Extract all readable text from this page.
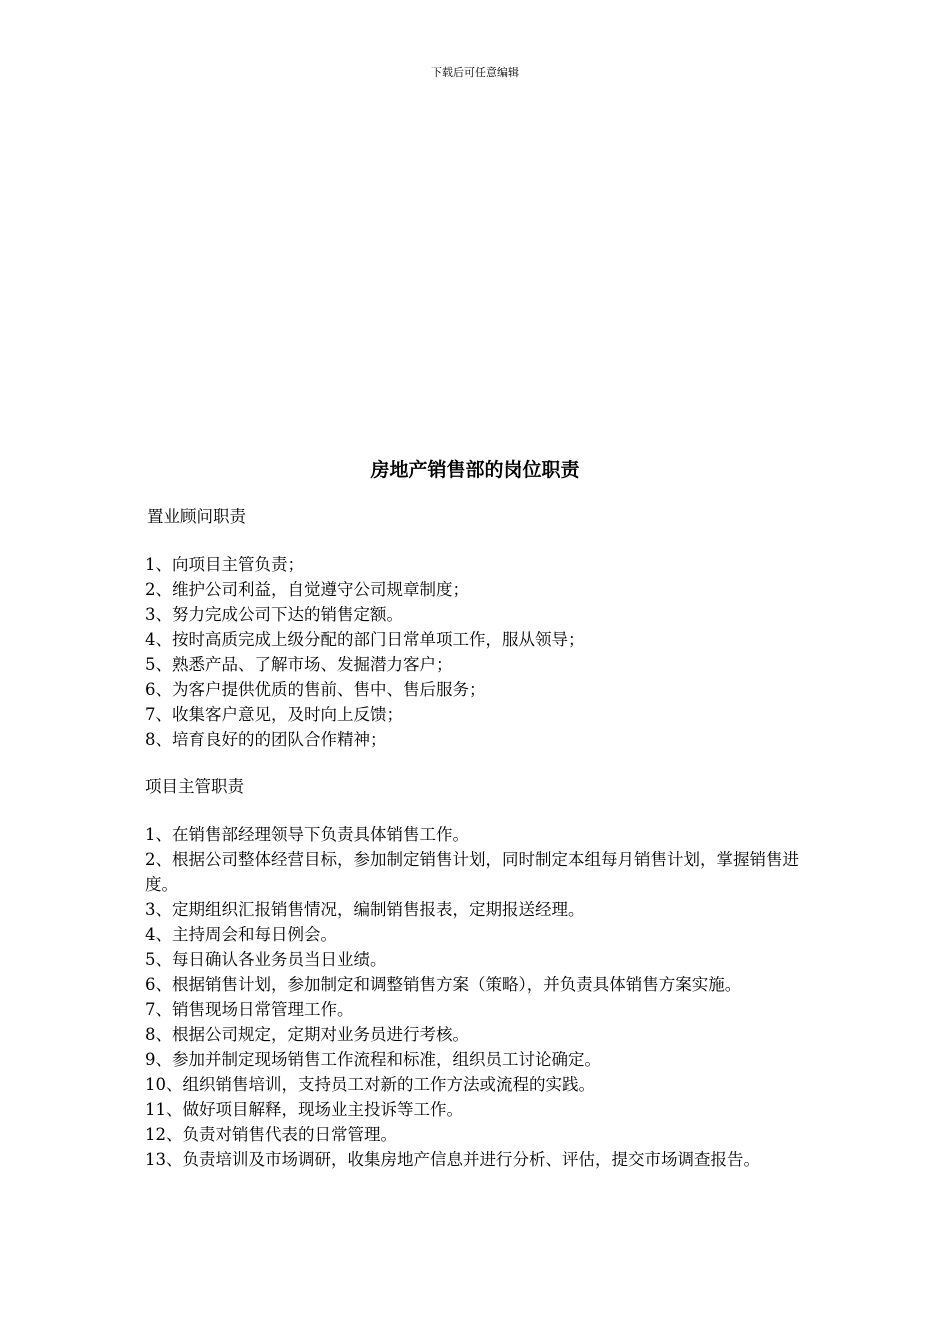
下载后可任意编辑
房地产销售部的岗位职责
置业顾问职责

1、向项目主管负责；

2、维护公司利益，自觉遵守公司规章制度；

3、努力完成公司下达的销售定额。

4、按时高质完成上级分配的部门日常单项工作，服从领导；

5、熟悉产品、了解市场、发掘潜力客户；

6、为客户提供优质的售前、售中、售后服务；

7、收集客户意见，及时向上反馈；

8、培育良好的的团队合作精神；

项目主管职责

1、在销售部经理领导下负责具体销售工作。

2、根据公司整体经营目标，参加制定销售计划，同时制定本组每月销售计划，掌握销售进度。

3、定期组织汇报销售情况，编制销售报表，定期报送经理。

4、主持周会和每日例会。

5、每日确认各业务员当日业绩。

6、根据销售计划，参加制定和调整销售方案（策略），并负责具体销售方案实施。

7、销售现场日常管理工作。

8、根据公司规定，定期对业务员进行考核。

9、参加并制定现场销售工作流程和标准，组织员工讨论确定。

10、组织销售培训，支持员工对新的工作方法或流程的实践。

11、做好项目解释，现场业主投诉等工作。

12、负责对销售代表的日常管理。

13、负责培训及市场调研，收集房地产信息并进行分析、评估，提交市场调查报告。
